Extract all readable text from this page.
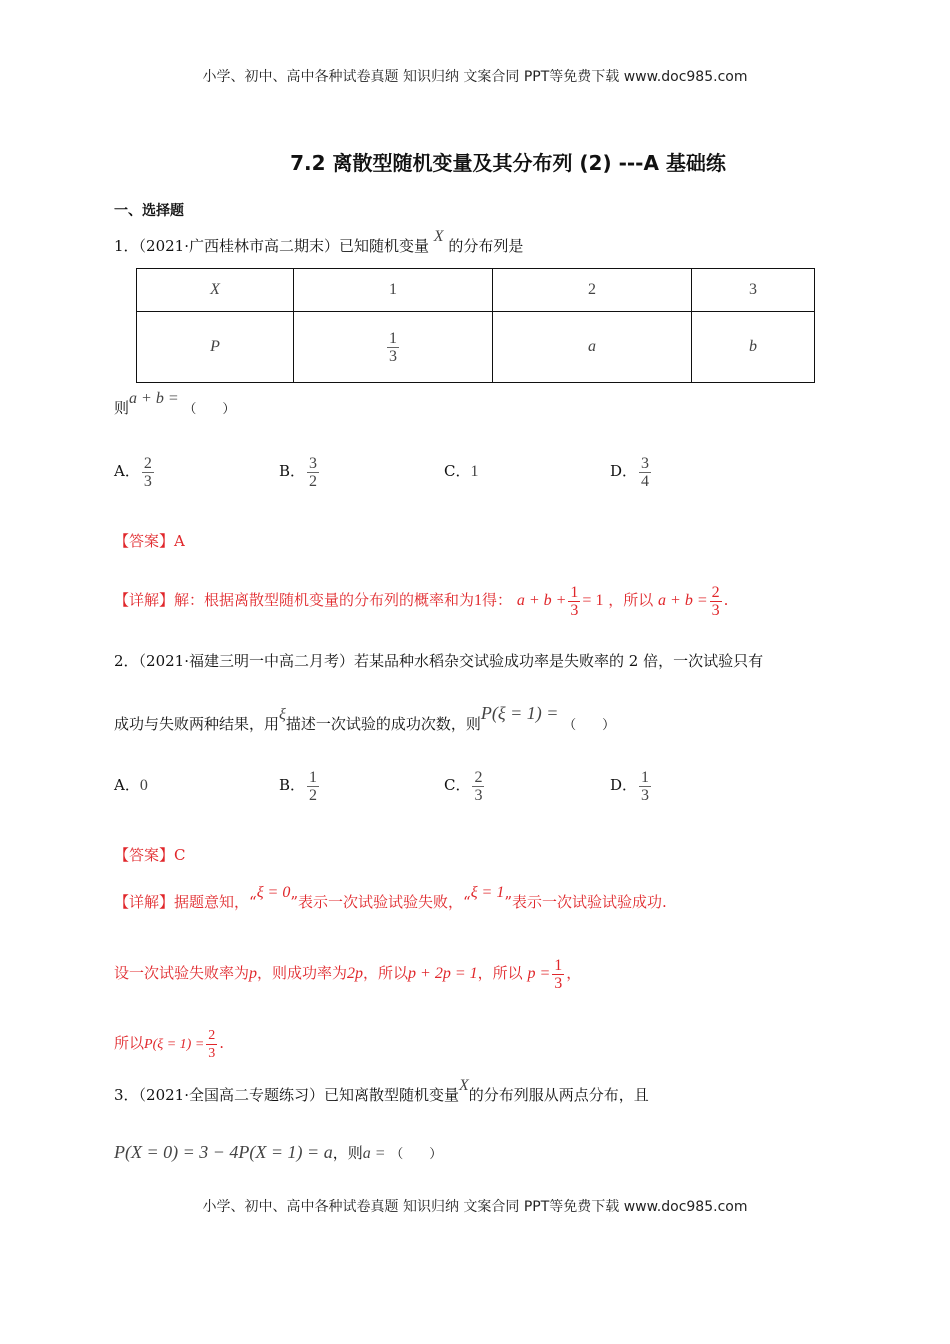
小学、初中、高中各种试卷真题 知识归纳 文案合同 PPT等免费下载 www.doc985.com
7.2 离散型随机变量及其分布列 (2) ---A 基础练
一、选择题
1．（2021·广西桂林市高二期末）已知随机变量 X 的分布列是
X	1	2	3
P	$\frac{1}{3}$	a	b
则a + b = （　　）
A． $\frac{2}{3}$	B． $\frac{3}{2}$	C．1	D． $\frac{3}{4}$
【答案】A
【详解】解：根据离散型随机变量的分布列的概率和为1得： $a + b + \frac{1}{3} = 1$ ，所以 $a + b = \frac{2}{3}$ .
2．（2021·福建三明一中高二月考）若某品种水稻杂交试验成功率是失败率的 2 倍，一次试验只有
成功与失败两种结果，用ξ描述一次试验的成功次数，则P(ξ = 1) = （　　）
A．0	B． $\frac{1}{2}$	C． $\frac{2}{3}$	D． $\frac{1}{3}$
【答案】C
【详解】据题意知，“ξ = 0”表示一次试验试验失败，“ξ = 1”表示一次试验试验成功.
设一次试验失败率为p，则成功率为2p，所以p + 2p = 1，所以 $p = \frac{1}{3}$ ，
所以$P(\xi = 1) = \frac{2}{3}$ .
3．（2021·全国高二专题练习）已知离散型随机变量X的分布列服从两点分布，且
P(X = 0) = 3 − 4P(X = 1) = a，则a = （　　）
小学、初中、高中各种试卷真题 知识归纳 文案合同 PPT等免费下载 www.doc985.com
